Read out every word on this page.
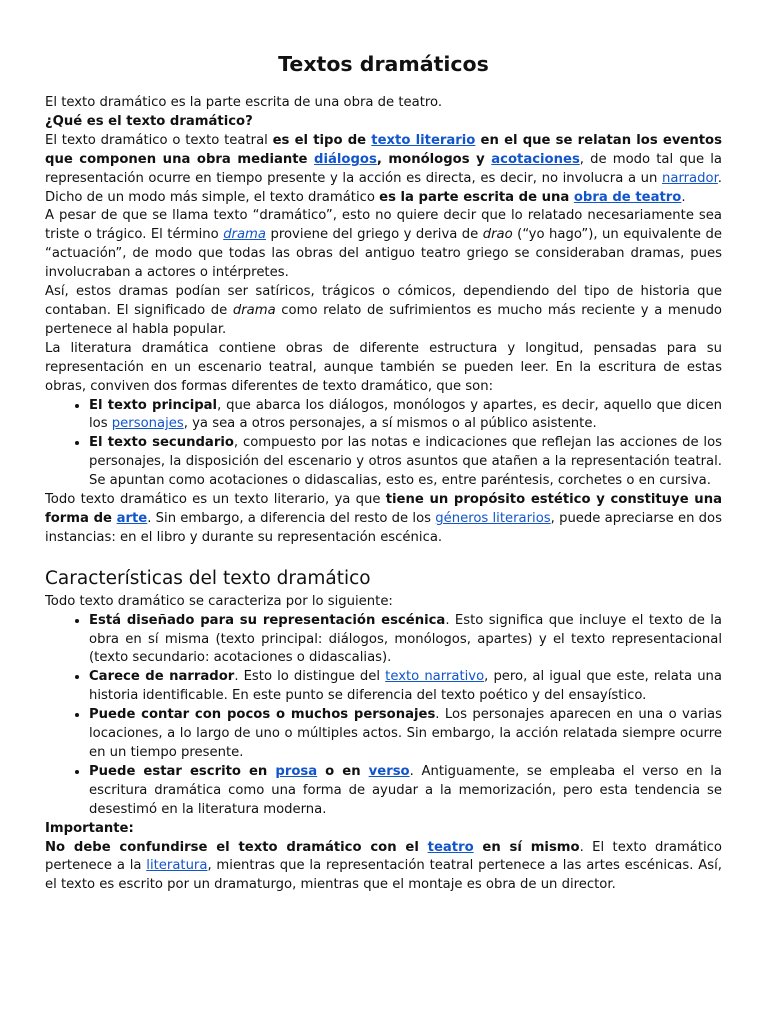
Textos dramáticos

El texto dramático es la parte escrita de una obra de teatro.

¿Qué es el texto dramático?

El texto dramático o texto teatral es el tipo de texto literario en el que se relatan los eventos que componen una obra mediante diálogos, monólogos y acotaciones, de modo tal que la representación ocurre en tiempo presente y la acción es directa, es decir, no involucra a un narrador. Dicho de un modo más simple, el texto dramático es la parte escrita de una obra de teatro.

A pesar de que se llama texto “dramático”, esto no quiere decir que lo relatado necesariamente sea triste o trágico. El término drama proviene del griego y deriva de drao (“yo hago”), un equivalente de “actuación”, de modo que todas las obras del antiguo teatro griego se consideraban dramas, pues involucraban a actores o intérpretes.

Así, estos dramas podían ser satíricos, trágicos o cómicos, dependiendo del tipo de historia que contaban. El significado de drama como relato de sufrimientos es mucho más reciente y a menudo pertenece al habla popular.

La literatura dramática contiene obras de diferente estructura y longitud, pensadas para su representación en un escenario teatral, aunque también se pueden leer. En la escritura de estas obras, conviven dos formas diferentes de texto dramático, que son:

• El texto principal, que abarca los diálogos, monólogos y apartes, es decir, aquello que dicen los personajes, ya sea a otros personajes, a sí mismos o al público asistente.
• El texto secundario, compuesto por las notas e indicaciones que reflejan las acciones de los personajes, la disposición del escenario y otros asuntos que atañen a la representación teatral. Se apuntan como acotaciones o didascalias, esto es, entre paréntesis, corchetes o en cursiva.

Todo texto dramático es un texto literario, ya que tiene un propósito estético y constituye una forma de arte. Sin embargo, a diferencia del resto de los géneros literarios, puede apreciarse en dos instancias: en el libro y durante su representación escénica.

Características del texto dramático

Todo texto dramático se caracteriza por lo siguiente:

• Está diseñado para su representación escénica. Esto significa que incluye el texto de la obra en sí misma (texto principal: diálogos, monólogos, apartes) y el texto representacional (texto secundario: acotaciones o didascalias).
• Carece de narrador. Esto lo distingue del texto narrativo, pero, al igual que este, relata una historia identificable. En este punto se diferencia del texto poético y del ensayístico.
• Puede contar con pocos o muchos personajes. Los personajes aparecen en una o varias locaciones, a lo largo de uno o múltiples actos. Sin embargo, la acción relatada siempre ocurre en un tiempo presente.
• Puede estar escrito en prosa o en verso. Antiguamente, se empleaba el verso en la escritura dramática como una forma de ayudar a la memorización, pero esta tendencia se desestimó en la literatura moderna.

Importante:

No debe confundirse el texto dramático con el teatro en sí mismo. El texto dramático pertenece a la literatura, mientras que la representación teatral pertenece a las artes escénicas. Así, el texto es escrito por un dramaturgo, mientras que el montaje es obra de un director.
